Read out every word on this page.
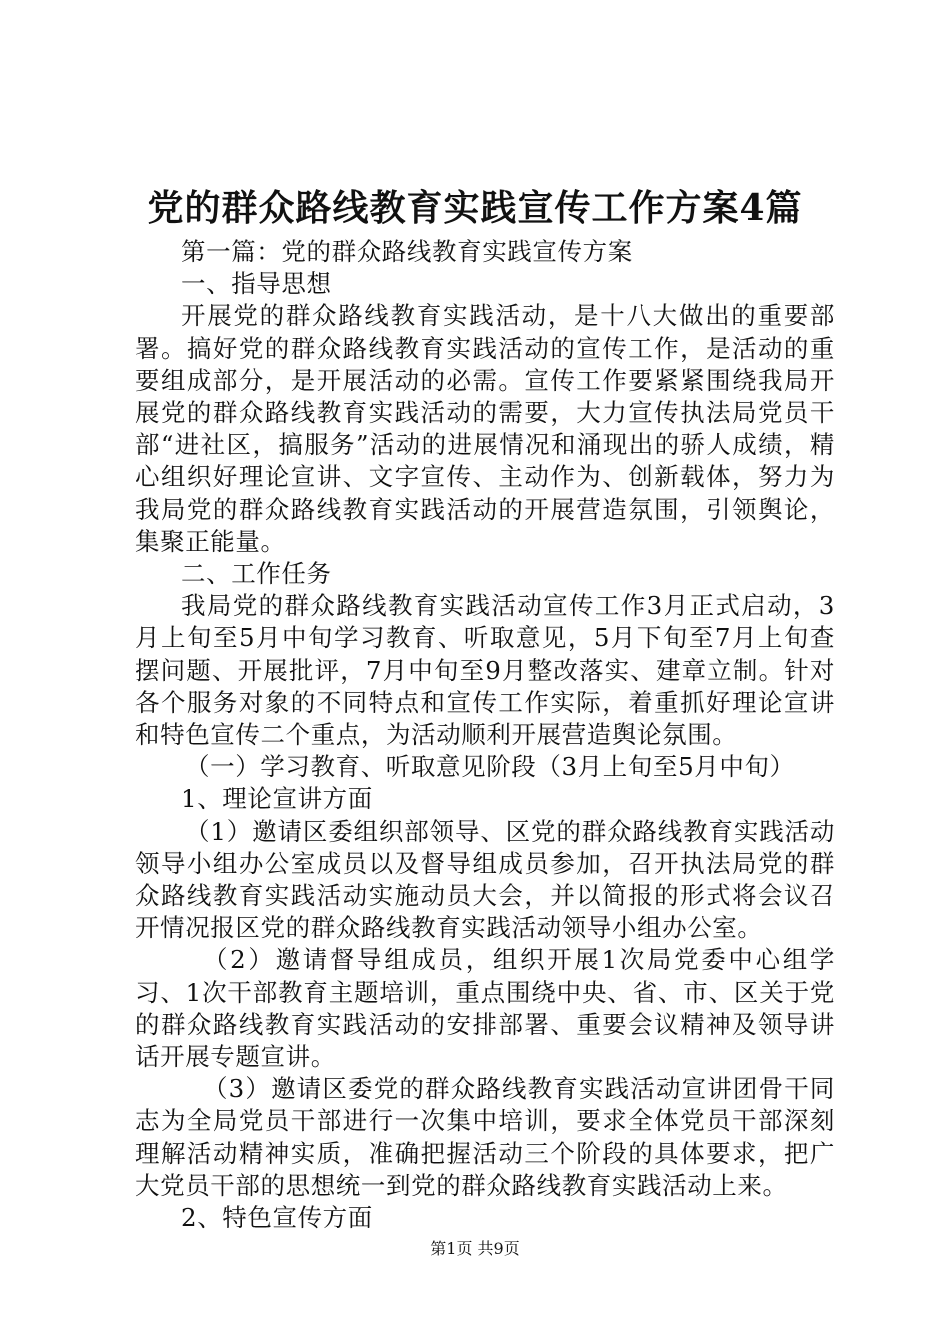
党的群众路线教育实践宣传工作方案4篇

第一篇：党的群众路线教育实践宣传方案

一、指导思想

开展党的群众路线教育实践活动，是十八大做出的重要部署。搞好党的群众路线教育实践活动的宣传工作，是活动的重要组成部分，是开展活动的必需。宣传工作要紧紧围绕我局开展党的群众路线教育实践活动的需要，大力宣传执法局党员干部“进社区，搞服务”活动的进展情况和涌现出的骄人成绩，精心组织好理论宣讲、文字宣传、主动作为、创新载体，努力为我局党的群众路线教育实践活动的开展营造氛围，引领舆论，集聚正能量。

二、工作任务

我局党的群众路线教育实践活动宣传工作3月正式启动，3月上旬至5月中旬学习教育、听取意见，5月下旬至7月上旬查摆问题、开展批评，7月中旬至9月整改落实、建章立制。针对各个服务对象的不同特点和宣传工作实际，着重抓好理论宣讲和特色宣传二个重点，为活动顺利开展营造舆论氛围。

（一）学习教育、听取意见阶段（3月上旬至5月中旬）

1、理论宣讲方面

（1）邀请区委组织部领导、区党的群众路线教育实践活动领导小组办公室成员以及督导组成员参加，召开执法局党的群众路线教育实践活动实施动员大会，并以简报的形式将会议召开情况报区党的群众路线教育实践活动领导小组办公室。

（2）邀请督导组成员，组织开展1次局党委中心组学习、1次干部教育主题培训，重点围绕中央、省、市、区关于党的群众路线教育实践活动的安排部署、重要会议精神及领导讲话开展专题宣讲。

（3）邀请区委党的群众路线教育实践活动宣讲团骨干同志为全局党员干部进行一次集中培训，要求全体党员干部深刻理解活动精神实质，准确把握活动三个阶段的具体要求，把广大党员干部的思想统一到党的群众路线教育实践活动上来。

2、特色宣传方面

第1页 共9页
